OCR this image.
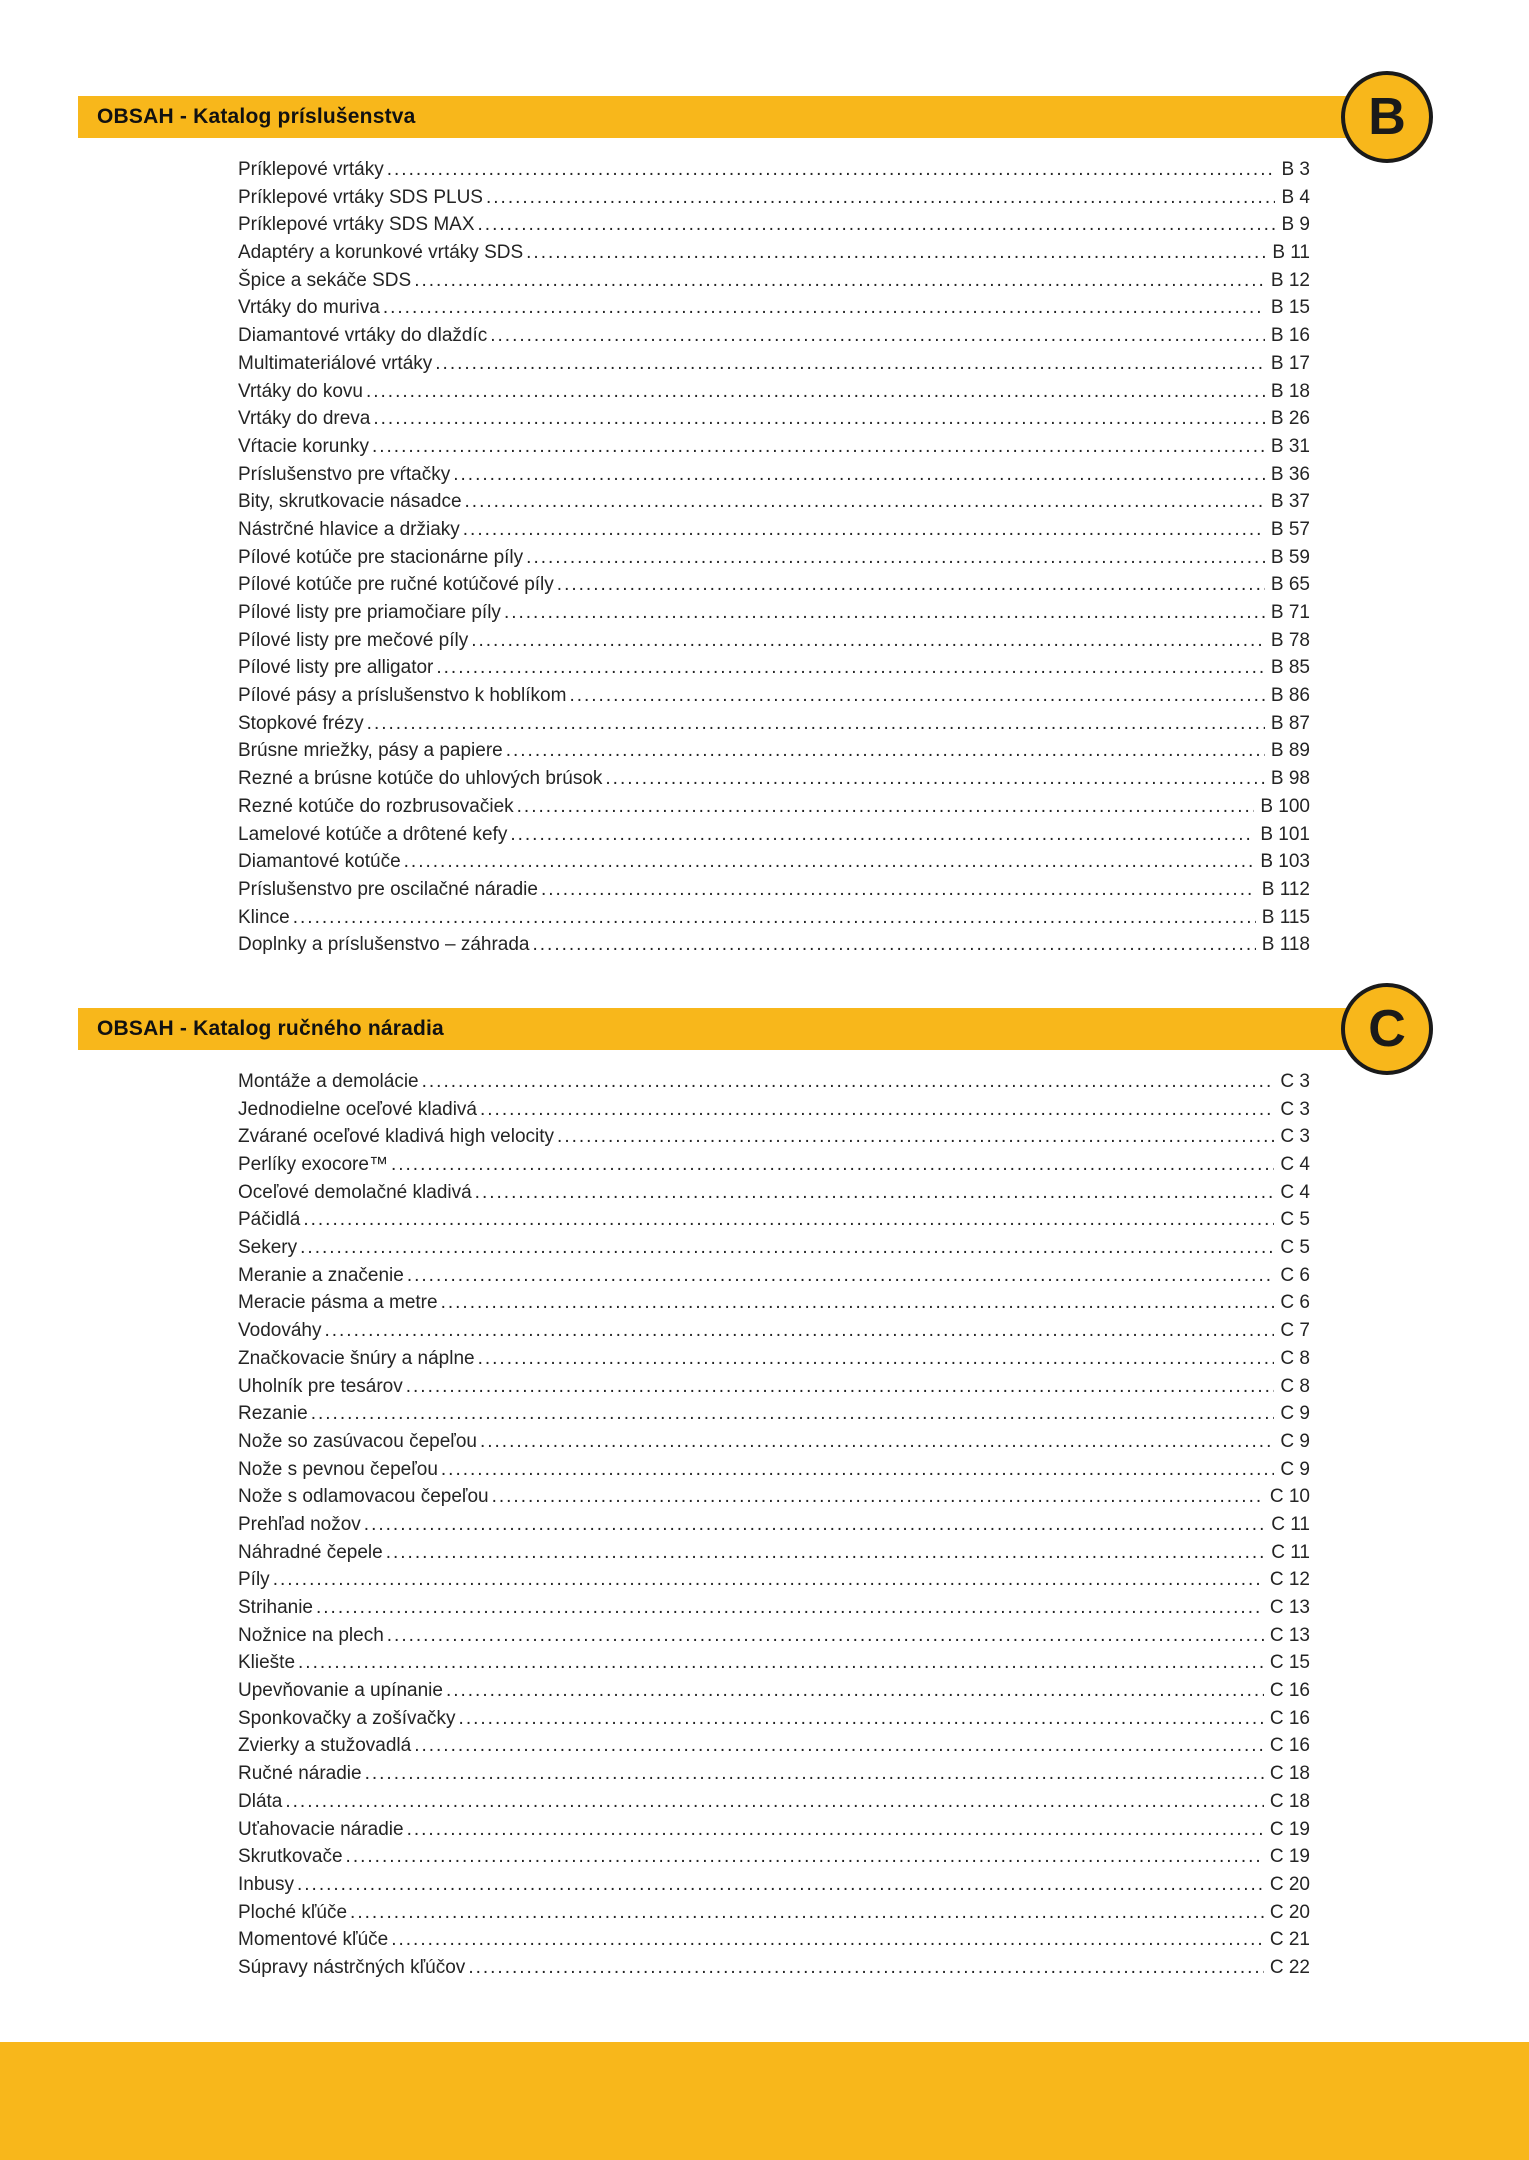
OBSAH - Katalog príslušenstva	B
Príklepové vrtáky .....	B 3
Príklepové vrtáky SDS PLUS .....	B 4
Príklepové vrtáky SDS MAX .....	B 9
Adaptéry a korunkové vrtáky SDS .....	B 11
Špice a sekáče SDS .....	B 12
Vrtáky do muriva .....	B 15
Diamantové vrtáky do dlaždíc .....	B 16
Multimateriálové vrtáky .....	B 17
Vrtáky do kovu .....	B 18
Vrtáky do dreva .....	B 26
Vŕtacie korunky .....	B 31
Príslušenstvo pre vŕtačky .....	B 36
Bity, skrutkovacie násadce .....	B 37
Nástrčné hlavice a držiaky .....	B 57
Pílové kotúče pre stacionárne píly .....	B 59
Pílové kotúče pre ručné kotúčové píly .....	B 65
Pílové listy pre priamočiare píly .....	B 71
Pílové listy pre mečové píly .....	B 78
Pílové listy pre alligator .....	B 85
Pílové pásy a príslušenstvo k hoblíkom .....	B 86
Stopkové frézy .....	B 87
Brúsne mriežky, pásy a papiere .....	B 89
Rezné a brúsne kotúče do uhlových brúsok .....	B 98
Rezné kotúče do rozbrusovačiek .....	B 100
Lamelové kotúče a drôtené kefy .....	B 101
Diamantové kotúče .....	B 103
Príslušenstvo pre oscilačné náradie .....	B 112
Klince .....	B 115
Doplnky a príslušenstvo – záhrada .....	B 118
OBSAH - Katalog ručného náradia	C
Montáže a demolácie .....	C 3
Jednodielne oceľové kladivá .....	C 3
Zvárané oceľové kladivá high velocity .....	C 3
Perlíky exocore™ .....	C 4
Oceľové demolačné kladivá .....	C 4
Páčidlá .....	C 5
Sekery .....	C 5
Meranie a značenie .....	C 6
Meracie pásma a metre .....	C 6
Vodováhy .....	C 7
Značkovacie šnúry a náplne .....	C 8
Uholník pre tesárov .....	C 8
Rezanie .....	C 9
Nože so zasúvacou čepeľou .....	C 9
Nože s pevnou čepeľou .....	C 9
Nože s odlamovacou čepeľou .....	C 10
Prehľad nožov .....	C 11
Náhradné čepele .....	C 11
Píly .....	C 12
Strihanie .....	C 13
Nožnice na plech .....	C 13
Kliešte .....	C 15
Upevňovanie a upínanie .....	C 16
Sponkovačky a zošívačky .....	C 16
Zvierky a stužovadlá .....	C 16
Ručné náradie .....	C 18
Dláta .....	C 18
Uťahovacie náradie .....	C 19
Skrutkovače .....	C 19
Inbusy .....	C 20
Ploché kľúče .....	C 20
Momentové kľúče .....	C 21
Súpravy nástrčných kľúčov .....	C 22
